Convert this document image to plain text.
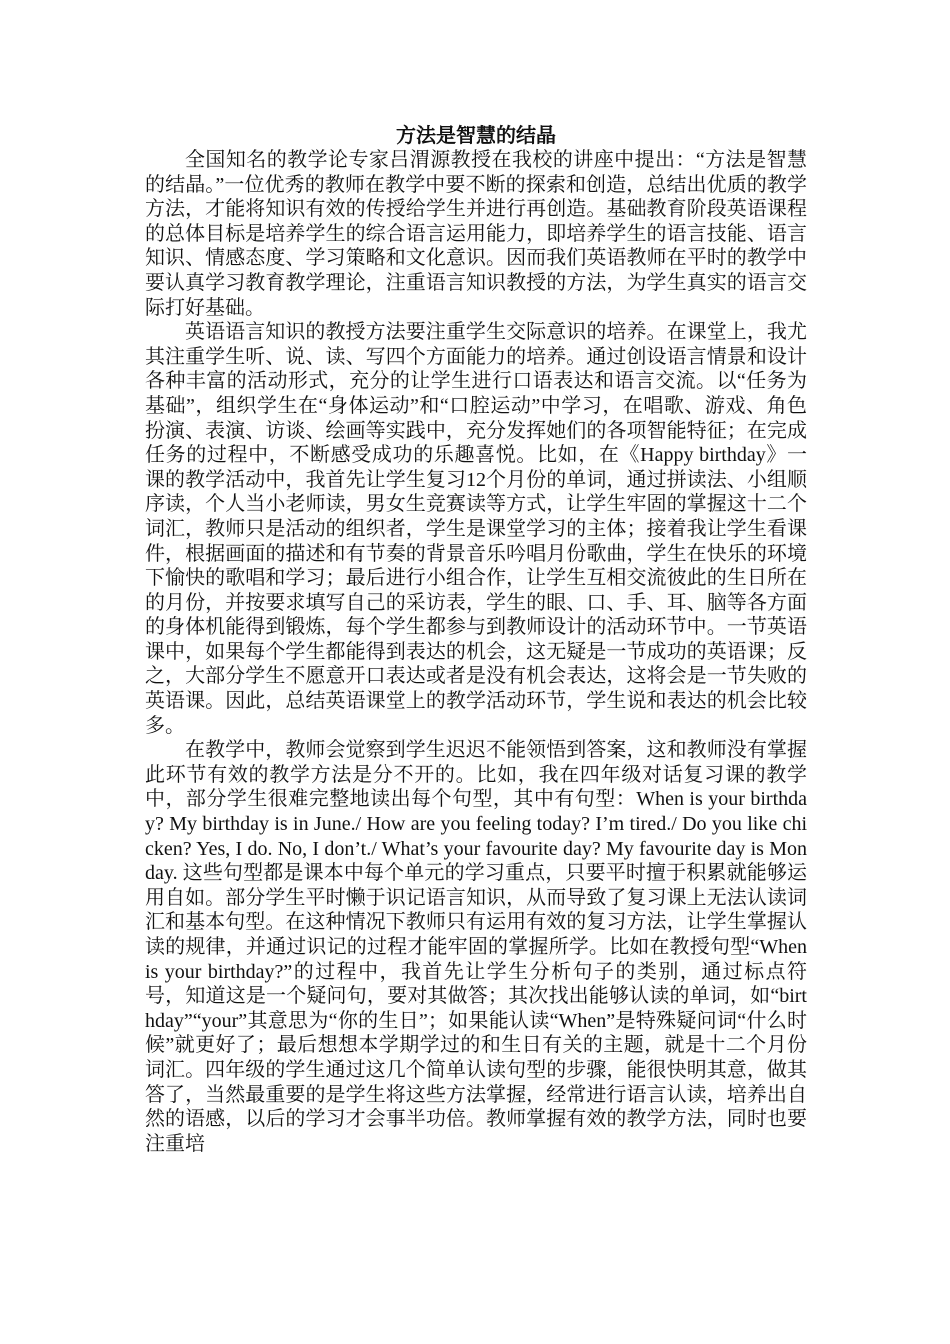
方法是智慧的结晶

全国知名的教学论专家吕渭源教授在我校的讲座中提出：“方法是智慧的结晶。”一位优秀的教师在教学中要不断的探索和创造，总结出优质的教学方法，才能将知识有效的传授给学生并进行再创造。基础教育阶段英语课程的总体目标是培养学生的综合语言运用能力，即培养学生的语言技能、语言知识、情感态度、学习策略和文化意识。因而我们英语教师在平时的教学中要认真学习教育教学理论，注重语言知识教授的方法，为学生真实的语言交际打好基础。

英语语言知识的教授方法要注重学生交际意识的培养。在课堂上，我尤其注重学生听、说、读、写四个方面能力的培养。通过创设语言情景和设计各种丰富的活动形式，充分的让学生进行口语表达和语言交流。以“任务为基础”，组织学生在“身体运动”和“口腔运动”中学习，在唱歌、游戏、角色扮演、表演、访谈、绘画等实践中，充分发挥她们的各项智能特征；在完成任务的过程中，不断感受成功的乐趣喜悦。比如，在《Happy birthday》一课的教学活动中，我首先让学生复习12个月份的单词，通过拼读法、小组顺序读，个人当小老师读，男女生竞赛读等方式，让学生牢固的掌握这十二个词汇，教师只是活动的组织者，学生是课堂学习的主体；接着我让学生看课件，根据画面的描述和有节奏的背景音乐吟唱月份歌曲，学生在快乐的环境下愉快的歌唱和学习；最后进行小组合作，让学生互相交流彼此的生日所在的月份，并按要求填写自己的采访表，学生的眼、口、手、耳、脑等各方面的身体机能得到锻炼，每个学生都参与到教师设计的活动环节中。一节英语课中，如果每个学生都能得到表达的机会，这无疑是一节成功的英语课；反之，大部分学生不愿意开口表达或者是没有机会表达，这将会是一节失败的英语课。因此，总结英语课堂上的教学活动环节，学生说和表达的机会比较多。

在教学中，教师会觉察到学生迟迟不能领悟到答案，这和教师没有掌握此环节有效的教学方法是分不开的。比如，我在四年级对话复习课的教学中，部分学生很难完整地读出每个句型，其中有句型：When is your birthday? My birthday is in June./ How are you feeling today? I’m tired./ Do you like chicken? Yes, I do. No, I don’t./ What’s your favourite day? My favourite day is Monday. 这些句型都是课本中每个单元的学习重点，只要平时擅于积累就能够运用自如。部分学生平时懒于识记语言知识，从而导致了复习课上无法认读词汇和基本句型。在这种情况下教师只有运用有效的复习方法，让学生掌握认读的规律，并通过识记的过程才能牢固的掌握所学。比如在教授句型“When is your birthday?”的过程中，我首先让学生分析句子的类别，通过标点符号，知道这是一个疑问句，要对其做答；其次找出能够认读的单词，如“birthday”“your”其意思为“你的生日”；如果能认读“When”是特殊疑问词“什么时候”就更好了；最后想想本学期学过的和生日有关的主题，就是十二个月份词汇。四年级的学生通过这几个简单认读句型的步骤，能很快明其意，做其答了，当然最重要的是学生将这些方法掌握，经常进行语言认读，培养出自然的语感，以后的学习才会事半功倍。教师掌握有效的教学方法，同时也要注重培
